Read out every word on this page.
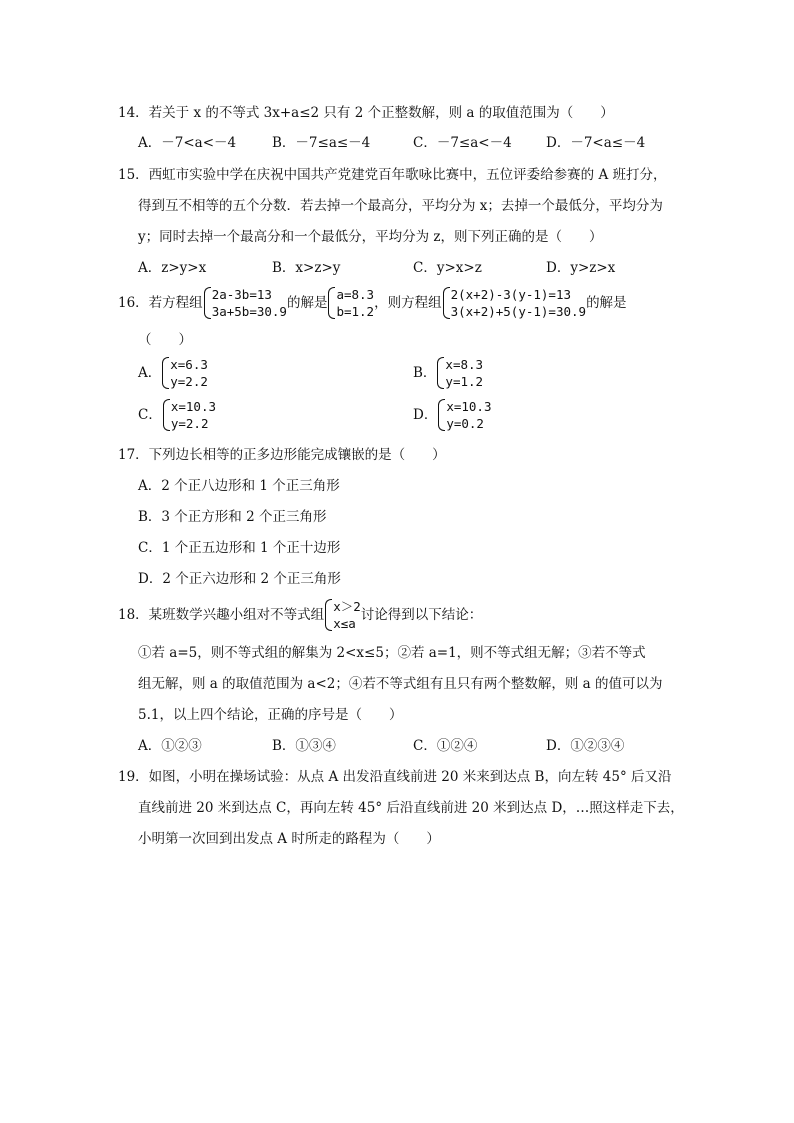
14．若关于 x 的不等式 3x+a≤2 只有 2 个正整数解，则 a 的取值范围为（　　）
A．－7<a<－4	B．－7≤a≤－4	C．－7≤a<－4	D．－7<a≤－4
15．西虹市实验中学在庆祝中国共产党建党百年歌咏比赛中，五位评委给参赛的 A 班打分，
得到互不相等的五个分数．若去掉一个最高分，平均分为 x；去掉一个最低分，平均分为
y；同时去掉一个最高分和一个最低分，平均分为 z，则下列正确的是（　　）
A．z>y>x	B．x>z>y	C．y>x>z	D．y>z>x
16．若方程组
2a-3b=13
3a+5b=30.9
的解是
a=8.3
b=1.2
，则方程组
2(x+2)-3(y-1)=13
3(x+2)+5(y-1)=30.9
的解是
（　　）
A．
x=6.3
y=2.2
B．
x=8.3
y=1.2
C．
x=10.3
y=2.2
D．
x=10.3
y=0.2
17．下列边长相等的正多边形能完成镶嵌的是（　　）
A．2 个正八边形和 1 个正三角形
B．3 个正方形和 2 个正三角形
C．1 个正五边形和 1 个正十边形
D．2 个正六边形和 2 个正三角形
18．某班数学兴趣小组对不等式组
x＞2
x≤a
讨论得到以下结论：
①若 a=5，则不等式组的解集为 2<x≤5；②若 a=1，则不等式组无解；③若不等式
组无解，则 a 的取值范围为 a<2；④若不等式组有且只有两个整数解，则 a 的值可以为
5.1，以上四个结论，正确的序号是（　　）
A．①②③	B．①③④	C．①②④	D．①②③④
19．如图，小明在操场试验：从点 A 出发沿直线前进 20 米来到达点 B，向左转 45° 后又沿
直线前进 20 米到达点 C，再向左转 45° 后沿直线前进 20 米到达点 D，…照这样走下去，
小明第一次回到出发点 A 时所走的路程为（　　）
